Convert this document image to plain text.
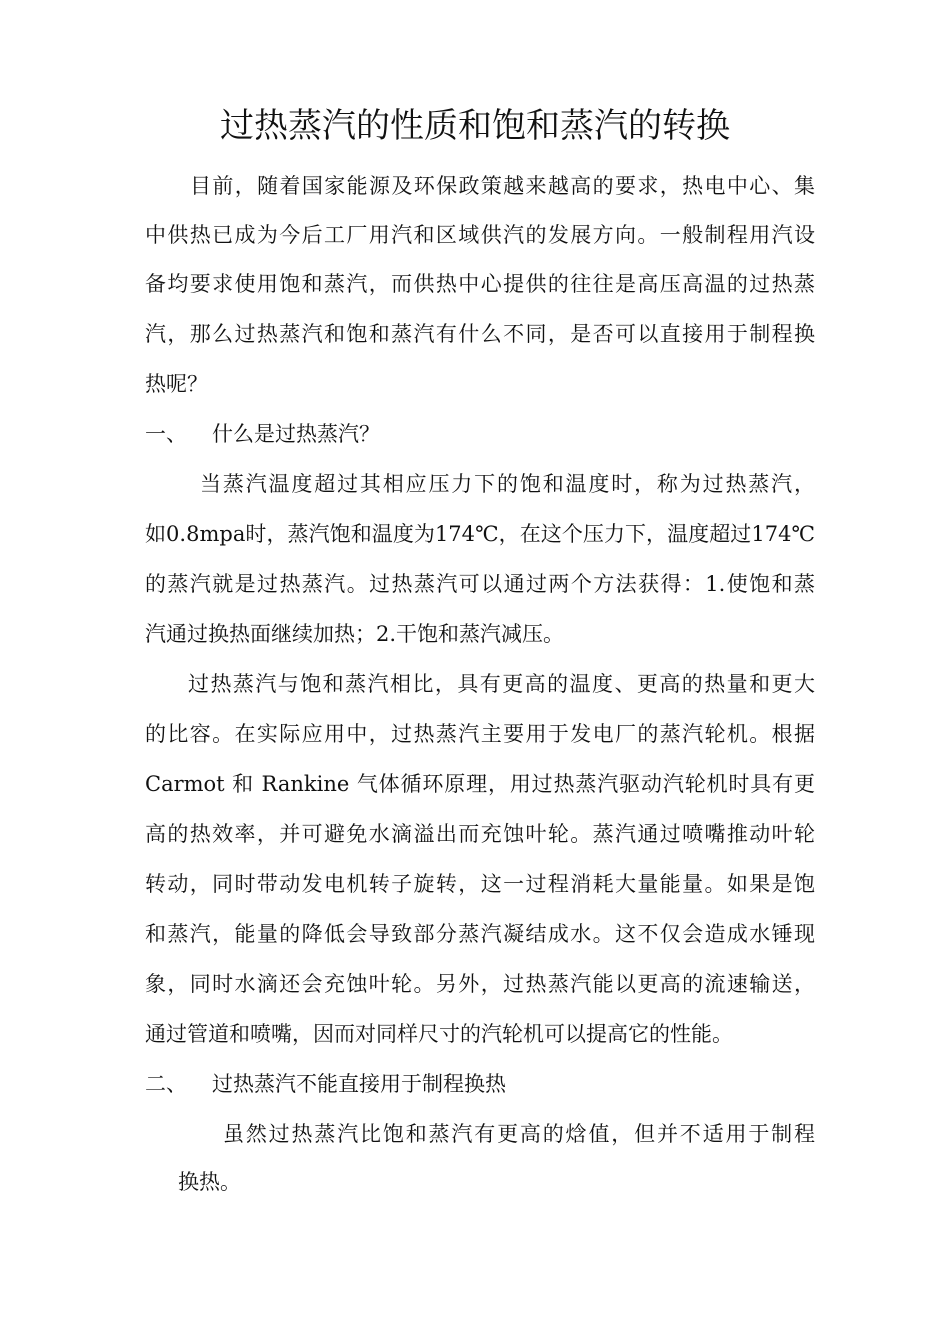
过热蒸汽的性质和饱和蒸汽的转换
目前，随着国家能源及环保政策越来越高的要求，热电中心、集
中供热已成为今后工厂用汽和区域供汽的发展方向。一般制程用汽设
备均要求使用饱和蒸汽，而供热中心提供的往往是高压高温的过热蒸
汽，那么过热蒸汽和饱和蒸汽有什么不同，是否可以直接用于制程换
热呢？
一、 什么是过热蒸汽？
当蒸汽温度超过其相应压力下的饱和温度时，称为过热蒸汽，
如0.8mpa时，蒸汽饱和温度为174℃，在这个压力下，温度超过174℃
的蒸汽就是过热蒸汽。过热蒸汽可以通过两个方法获得：1.使饱和蒸
汽通过换热面继续加热；2.干饱和蒸汽减压。
过热蒸汽与饱和蒸汽相比，具有更高的温度、更高的热量和更大
的比容。在实际应用中，过热蒸汽主要用于发电厂的蒸汽轮机。根据
Carmot 和 Rankine 气体循环原理，用过热蒸汽驱动汽轮机时具有更
高的热效率，并可避免水滴溢出而充蚀叶轮。蒸汽通过喷嘴推动叶轮
转动，同时带动发电机转子旋转，这一过程消耗大量能量。如果是饱
和蒸汽，能量的降低会导致部分蒸汽凝结成水。这不仅会造成水锤现
象，同时水滴还会充蚀叶轮。另外，过热蒸汽能以更高的流速输送，
通过管道和喷嘴，因而对同样尺寸的汽轮机可以提高它的性能。
二、 过热蒸汽不能直接用于制程换热
虽然过热蒸汽比饱和蒸汽有更高的焓值，但并不适用于制程
换热。
